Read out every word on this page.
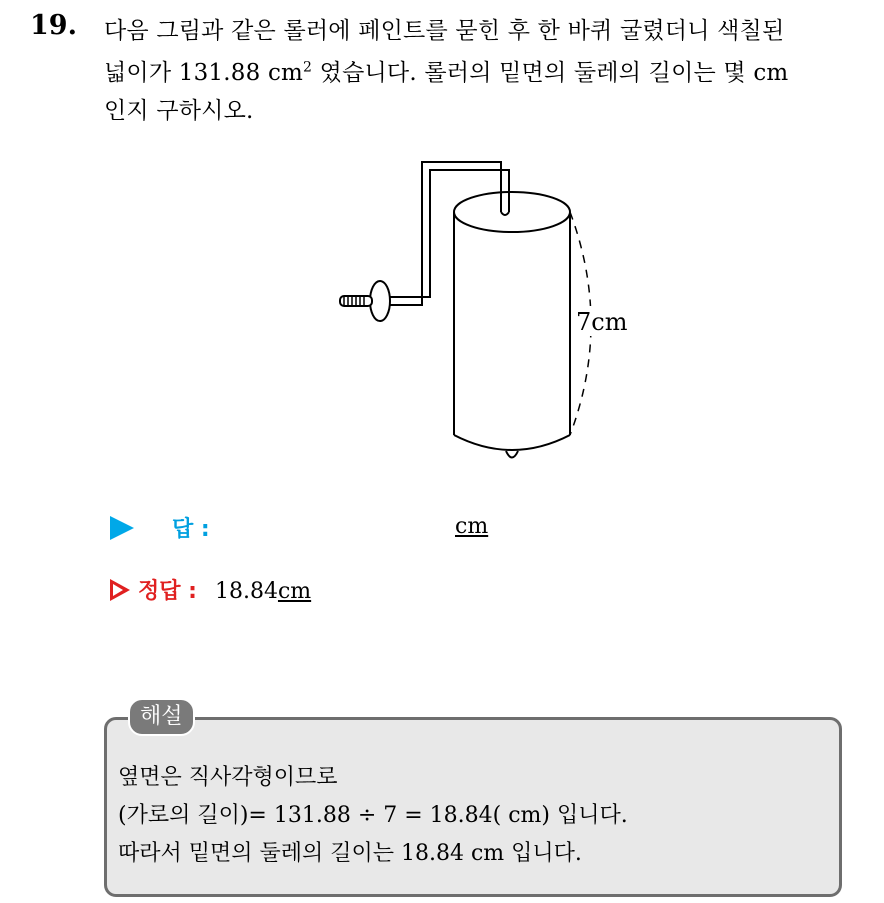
19. 다음 그림과 같은 롤러에 페인트를 묻힌 후 한 바퀴 굴렸더니 색칠된
넓이가 131.88 $cm^2$ 였습니다. 롤러의 밑면의 둘레의 길이는 몇 cm
인지 구하시오.
7cm
답 :	cm
정답 : 18.84 cm
해설
옆면은 직사각형이므로
(가로의 길이)= 131.88 ÷ 7 = 18.84( cm) 입니다.
따라서 밑면의 둘레의 길이는 18.84 cm 입니다.
